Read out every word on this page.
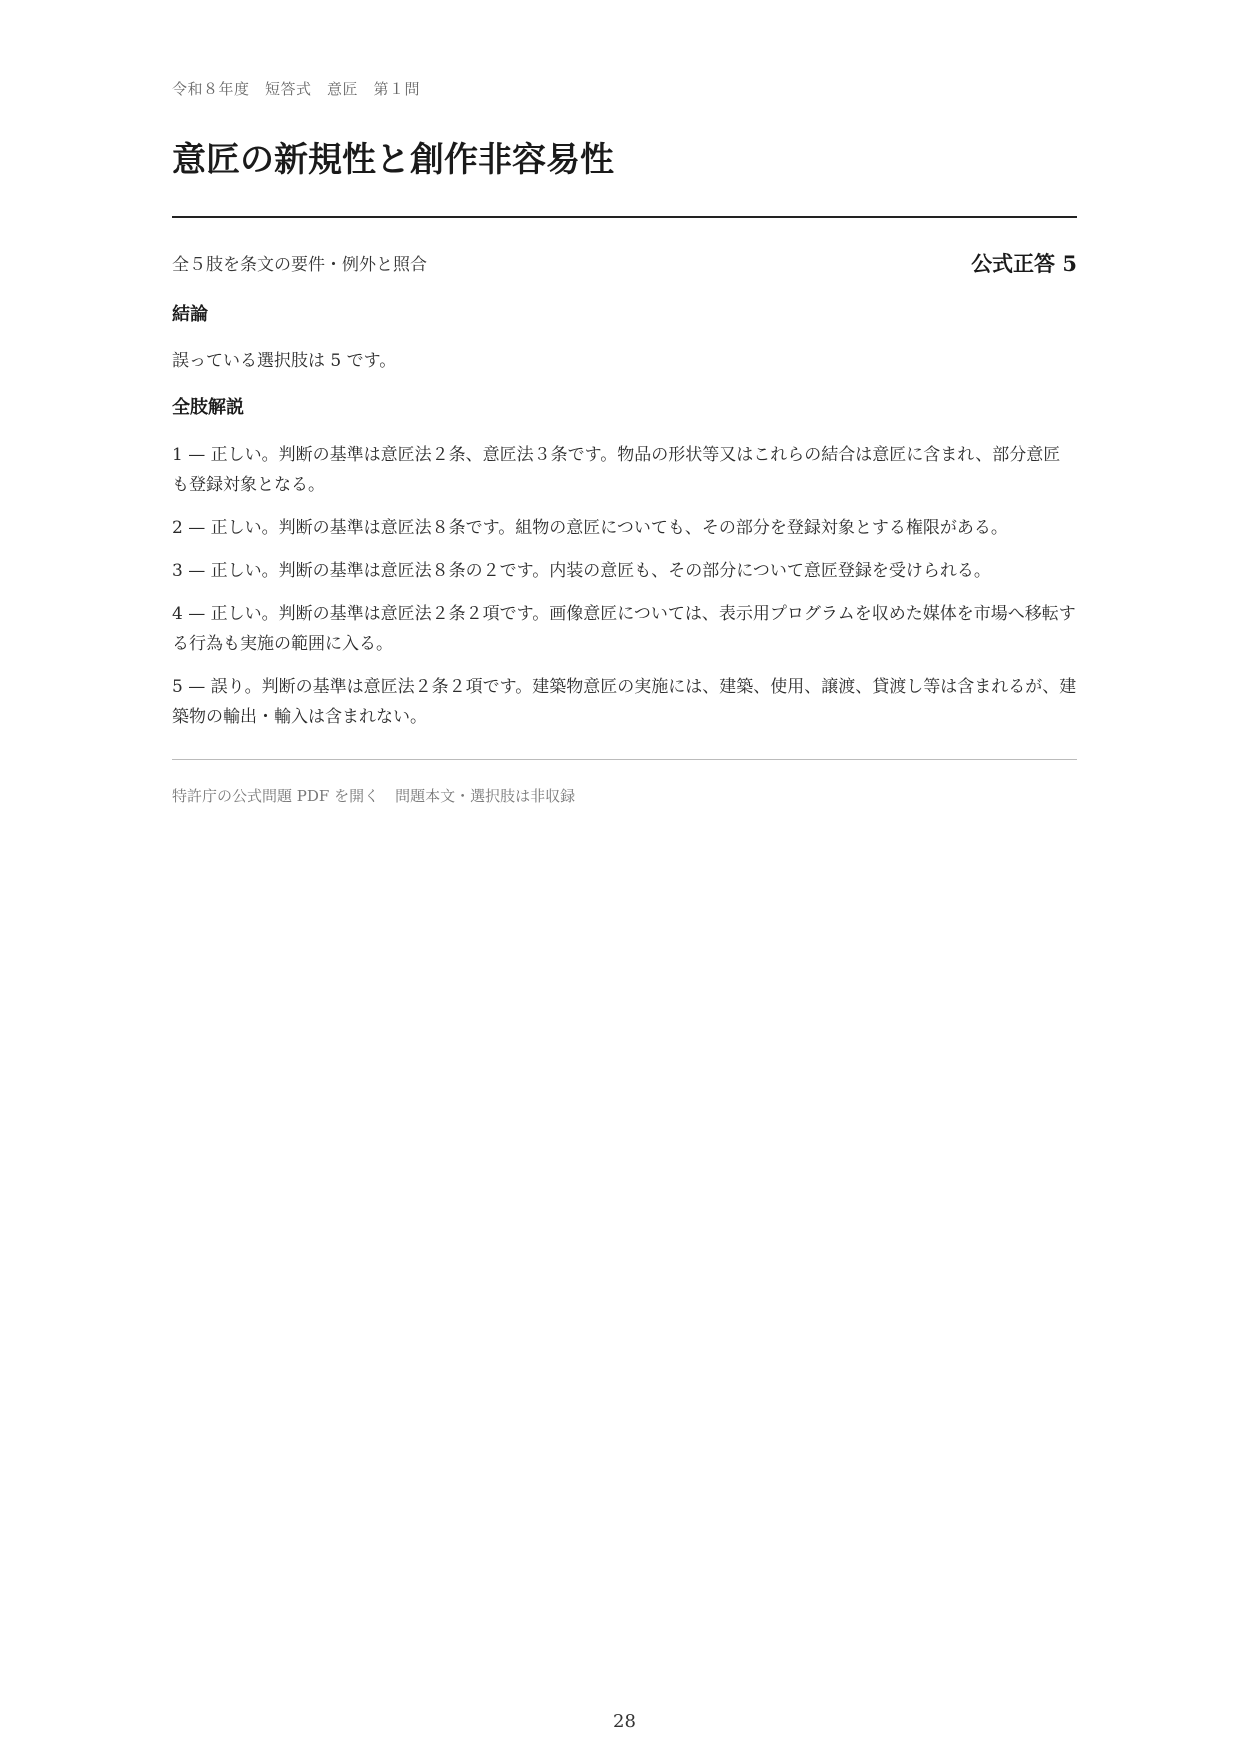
令和８年度　短答式　意匠　第１問
意匠の新規性と創作非容易性
全５肢を条文の要件・例外と照合	公式正答 5
結論
誤っている選択肢は 5 です。
全肢解説

1 — 正しい。判断の基準は意匠法２条、意匠法３条です。物品の形状等又はこれらの結合は意匠に含まれ、部分意匠も登録対象となる。

2 — 正しい。判断の基準は意匠法８条です。組物の意匠についても、その部分を登録対象とする権限がある。

3 — 正しい。判断の基準は意匠法８条の２です。内装の意匠も、その部分について意匠登録を受けられる。

4 — 正しい。判断の基準は意匠法２条２項です。画像意匠については、表示用プログラムを収めた媒体を市場へ移転する行為も実施の範囲に入る。

5 — 誤り。判断の基準は意匠法２条２項です。建築物意匠の実施には、建築、使用、譲渡、貸渡し等は含まれるが、建築物の輸出・輸入は含まれない。

特許庁の公式問題 PDF を開く 問題本文・選択肢は非収録
28
